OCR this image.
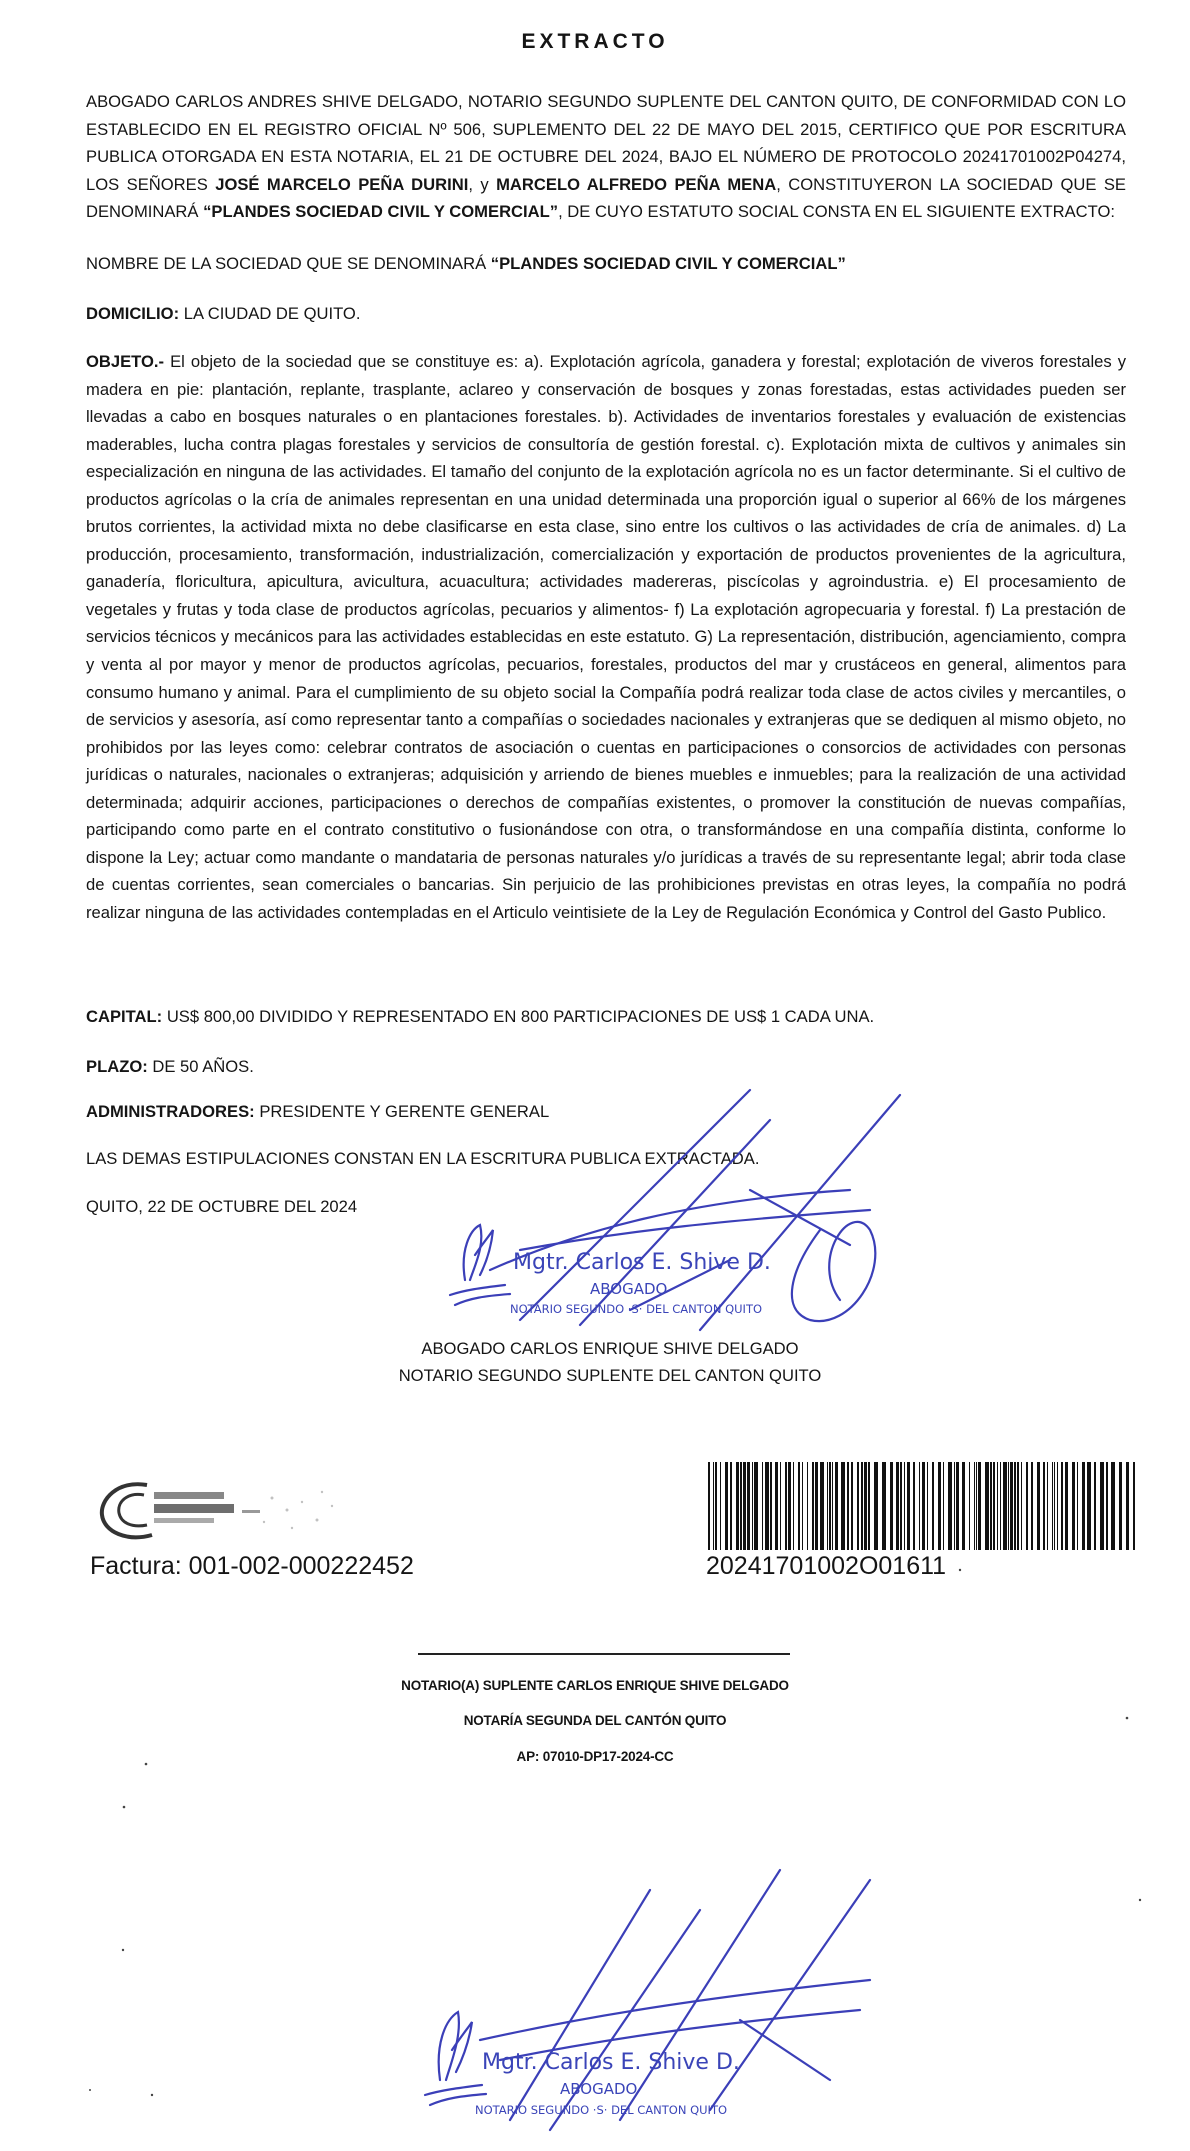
EXTRACTO
ABOGADO CARLOS ANDRES SHIVE DELGADO, NOTARIO SEGUNDO SUPLENTE DEL CANTON QUITO, DE CONFORMIDAD CON LO ESTABLECIDO EN EL REGISTRO OFICIAL Nº 506, SUPLEMENTO DEL 22 DE MAYO DEL 2015, CERTIFICO QUE POR ESCRITURA PUBLICA OTORGADA EN ESTA NOTARIA, EL 21 DE OCTUBRE DEL 2024, BAJO EL NÚMERO DE PROTOCOLO 20241701002P04274, LOS SEÑORES JOSÉ MARCELO PEÑA DURINI, y MARCELO ALFREDO PEÑA MENA, CONSTITUYERON LA SOCIEDAD QUE SE DENOMINARÁ “PLANDES SOCIEDAD CIVIL Y COMERCIAL”, DE CUYO ESTATUTO SOCIAL CONSTA EN EL SIGUIENTE EXTRACTO:
NOMBRE DE LA SOCIEDAD QUE SE DENOMINARÁ “PLANDES SOCIEDAD CIVIL Y COMERCIAL”
DOMICILIO: LA CIUDAD DE QUITO.
OBJETO.- El objeto de la sociedad que se constituye es: a). Explotación agrícola, ganadera y forestal; explotación de viveros forestales y madera en pie: plantación, replante, trasplante, aclareo y conservación de bosques y zonas forestadas, estas actividades pueden ser llevadas a cabo en bosques naturales o en plantaciones forestales. b). Actividades de inventarios forestales y evaluación de existencias maderables, lucha contra plagas forestales y servicios de consultoría de gestión forestal. c). Explotación mixta de cultivos y animales sin especialización en ninguna de las actividades. El tamaño del conjunto de la explotación agrícola no es un factor determinante. Si el cultivo de productos agrícolas o la cría de animales representan en una unidad determinada una proporción igual o superior al 66% de los márgenes brutos corrientes, la actividad mixta no debe clasificarse en esta clase, sino entre los cultivos o las actividades de cría de animales. d) La producción, procesamiento, transformación, industrialización, comercialización y exportación de productos provenientes de la agricultura, ganadería, floricultura, apicultura, avicultura, acuacultura; actividades madereras, piscícolas y agroindustria. e) El procesamiento de vegetales y frutas y toda clase de productos agrícolas, pecuarios y alimentos- f) La explotación agropecuaria y forestal. f) La prestación de servicios técnicos y mecánicos para las actividades establecidas en este estatuto. G) La representación, distribución, agenciamiento, compra y venta al por mayor y menor de productos agrícolas, pecuarios, forestales, productos del mar y crustáceos en general, alimentos para consumo humano y animal. Para el cumplimiento de su objeto social la Compañía podrá realizar toda clase de actos civiles y mercantiles, o de servicios y asesoría, así como representar tanto a compañías o sociedades nacionales y extranjeras que se dediquen al mismo objeto, no prohibidos por las leyes como: celebrar contratos de asociación o cuentas en participaciones o consorcios de actividades con personas jurídicas o naturales, nacionales o extranjeras; adquisición y arriendo de bienes muebles e inmuebles; para la realización de una actividad determinada; adquirir acciones, participaciones o derechos de compañías existentes, o promover la constitución de nuevas compañías, participando como parte en el contrato constitutivo o fusionándose con otra, o transformándose en una compañía distinta, conforme lo dispone la Ley; actuar como mandante o mandataria de personas naturales y/o jurídicas a través de su representante legal; abrir toda clase de cuentas corrientes, sean comerciales o bancarias. Sin perjuicio de las prohibiciones previstas en otras leyes, la compañía no podrá realizar ninguna de las actividades contempladas en el Articulo veintisiete de la Ley de Regulación Económica y Control del Gasto Publico.
CAPITAL: US$ 800,00 DIVIDIDO Y REPRESENTADO EN 800 PARTICIPACIONES DE US$ 1 CADA UNA.
PLAZO: DE 50 AÑOS.
ADMINISTRADORES: PRESIDENTE Y GERENTE GENERAL
LAS DEMAS ESTIPULACIONES CONSTAN EN LA ESCRITURA PUBLICA EXTRACTADA.
QUITO, 22 DE OCTUBRE DEL 2024
Mgtr. Carlos E. Shive D.
ABOGADO
NOTARIO SEGUNDO ·S· DEL CANTON QUITO
ABOGADO CARLOS ENRIQUE SHIVE DELGADO
NOTARIO SEGUNDO SUPLENTE DEL CANTON QUITO
Factura: 001-002-000222452	20241701002O01611
NOTARIO(A) SUPLENTE CARLOS ENRIQUE SHIVE DELGADO
NOTARÍA SEGUNDA DEL CANTÓN QUITO
AP: 07010-DP17-2024-CC
Mgtr. Carlos E. Shive D.
ABOGADO
NOTARIO SEGUNDO ·S· DEL CANTON QUITO
